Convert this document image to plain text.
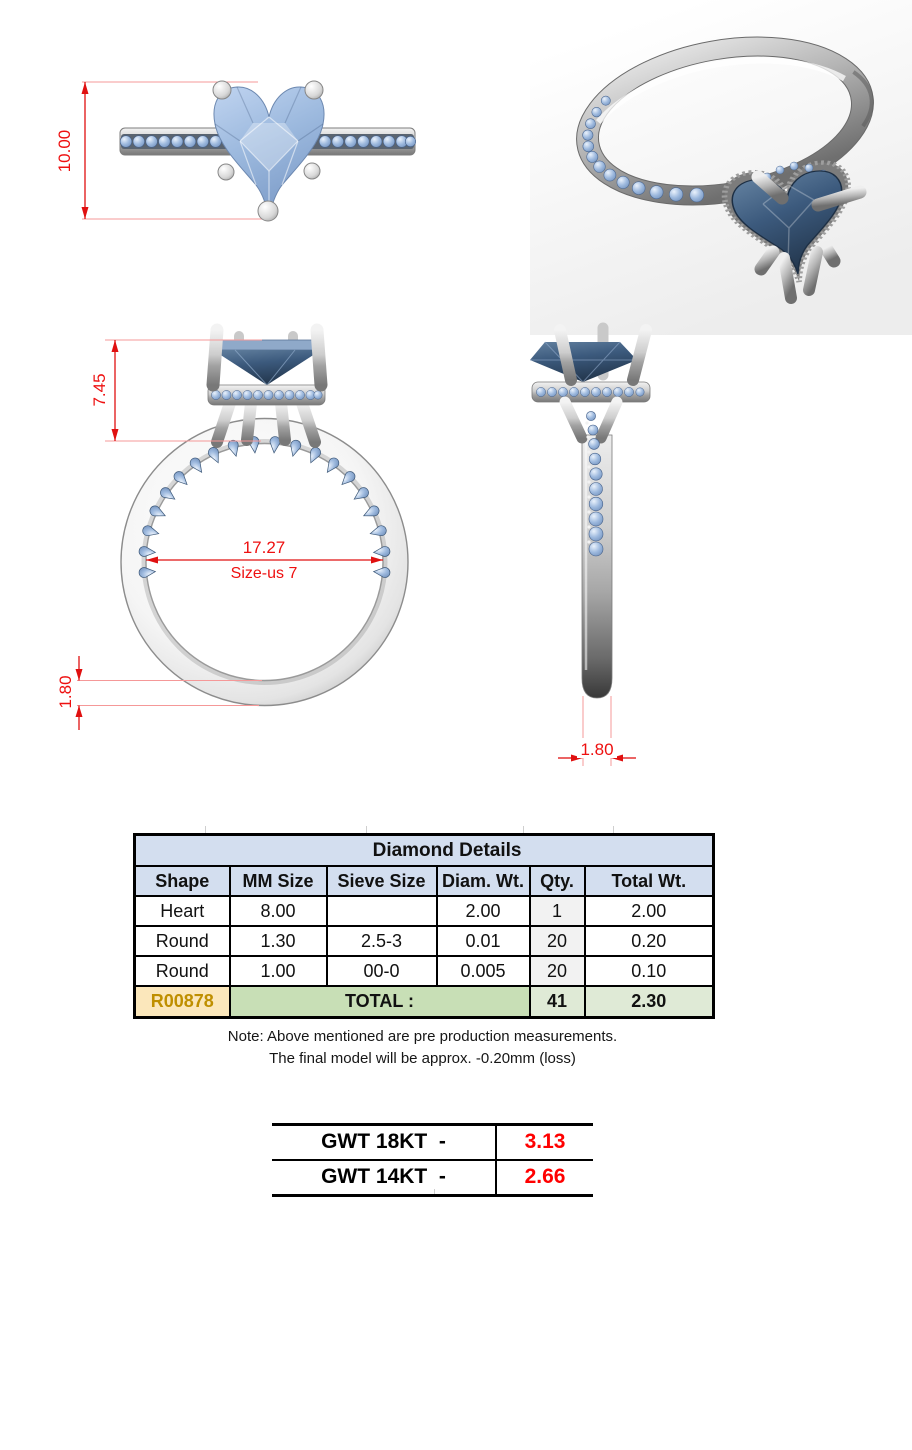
10.00
7.45
17.27
Size-us 7
1.80
1.80
Diamond Details					
Shape	MM Size	Sieve Size	Diam. Wt.	Qty.	Total Wt.
Heart	8.00		2.00	1	2.00
Round	1.30	2.5-3	0.01	20	0.20
Round	1.00	00-0	0.005	20	0.10
R00878	TOTAL :			41	2.30
Note: Above mentioned are pre production measurements.
The final model will be approx. -0.20mm (loss)
GWT 18KT  -	3.13
GWT 14KT  -	2.66
